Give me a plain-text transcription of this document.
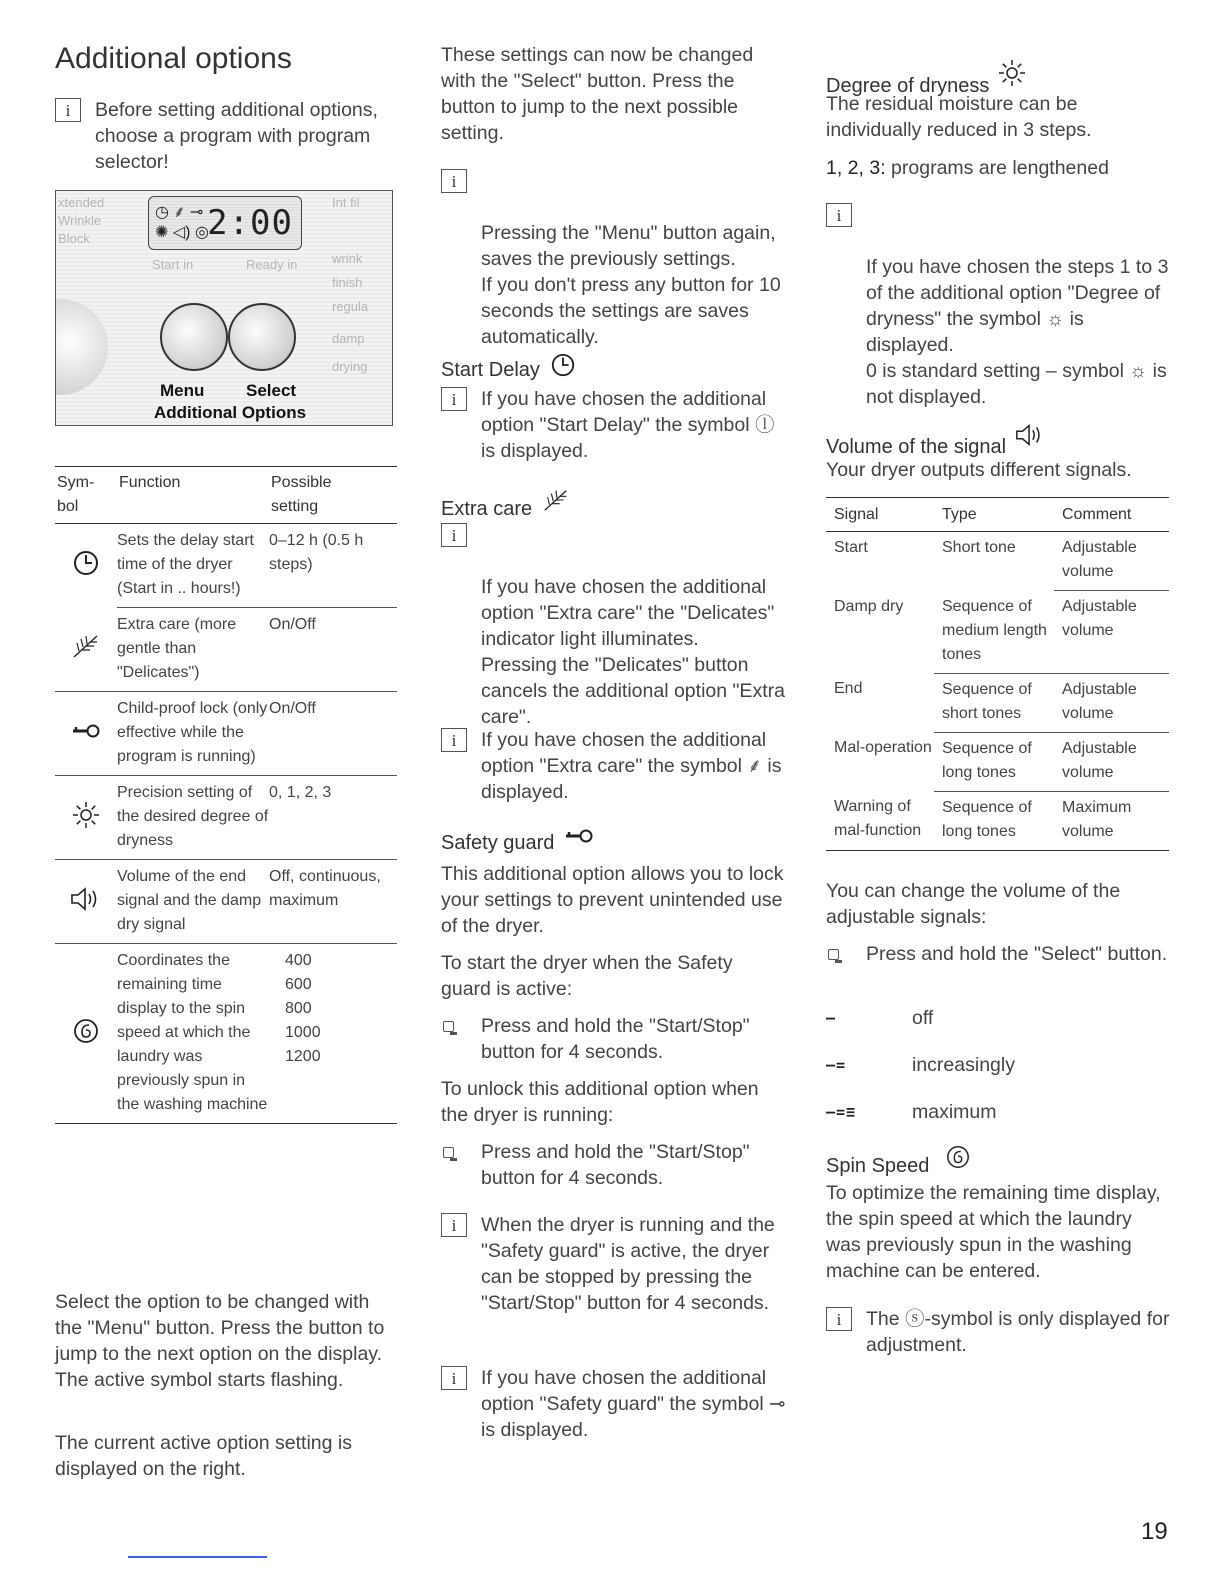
Additional options
i	Before setting additional options, choose a program with program selector!
xtended
Wrinkle
Block
Int fil
wrink
finish
regula
damp
drying
Start in	Ready in
◷ ⸙ ⊸
✺ ◁) ◎
2:00
Menu Select
Additional Options
Sym-
bol	Function	Possible
setting
	Sets the delay start time of the dryer (Start in .. hours!)	0–12 h (0.5 h steps)
	Extra care (more gentle than "Delicates")	On/Off
	Child-proof lock (only effective while the program is running)	On/Off
	Precision setting of the desired degree of dryness	0, 1, 2, 3
	Volume of the end signal and the damp dry signal	Off, continuous, maximum
	Coordinates the remaining time display to the spin speed at which the laundry was previously spun in the washing machine	400
600
800
1000
1200
Select the option to be changed with the "Menu" button. Press the button to jump to the next option on the display. The active symbol starts flashing.
The current active option setting is displayed on the right.
These settings can now be changed with the "Select" button. Press the button to jump to the next possible setting.

i

Pressing the "Menu" button again, saves the previously settings.
If you don't press any button for 10 seconds the settings are saves automatically.

Start Delay
i	If you have chosen the additional option "Start Delay" the symbol ⓛ is displayed.
Extra care

i

If you have chosen the additional option "Extra care" the "Delicates" indicator light illuminates.
Pressing the "Delicates" button cancels the additional option "Extra care".

i	If you have chosen the additional option "Extra care" the symbol ⸙ is displayed.
Safety guard
This additional option allows you to lock your settings to prevent unintended use of the dryer.
To start the dryer when the Safety guard is active:
Press and hold the "Start/Stop" button for 4 seconds.
To unlock this additional option when the dryer is running:
Press and hold the "Start/Stop" button for 4 seconds.
i	When the dryer is running and the "Safety guard" is active, the dryer can be stopped by pressing the "Start/Stop" button for 4 seconds.
i	If you have chosen the additional option "Safety guard" the symbol ⊸ is displayed.
Degree of dryness
The residual moisture can be individually reduced in 3 steps.
1, 2, 3: programs are lengthened

i

If you have chosen the steps 1 to 3 of the additional option "Degree of dryness" the symbol ☼ is displayed.
0 is standard setting – symbol ☼ is not displayed.

Volume of the signal
Your dryer outputs different signals.
Signal	Type	Comment
Start	Short tone	Adjustable volume
Damp dry	Sequence of medium length tones	Adjustable volume
End	Sequence of short tones	Adjustable volume
Mal-operation	Sequence of long tones	Adjustable volume
Warning of mal-function	Sequence of long tones	Maximum volume
You can change the volume of the adjustable signals:
Press and hold the "Select" button.
–	off
–=	increasingly
–=≡	maximum
Spin Speed
To optimize the remaining time display, the spin speed at which the laundry was previously spun in the washing machine can be entered.
i	The ⓢ-symbol is only displayed for adjustment.
19
